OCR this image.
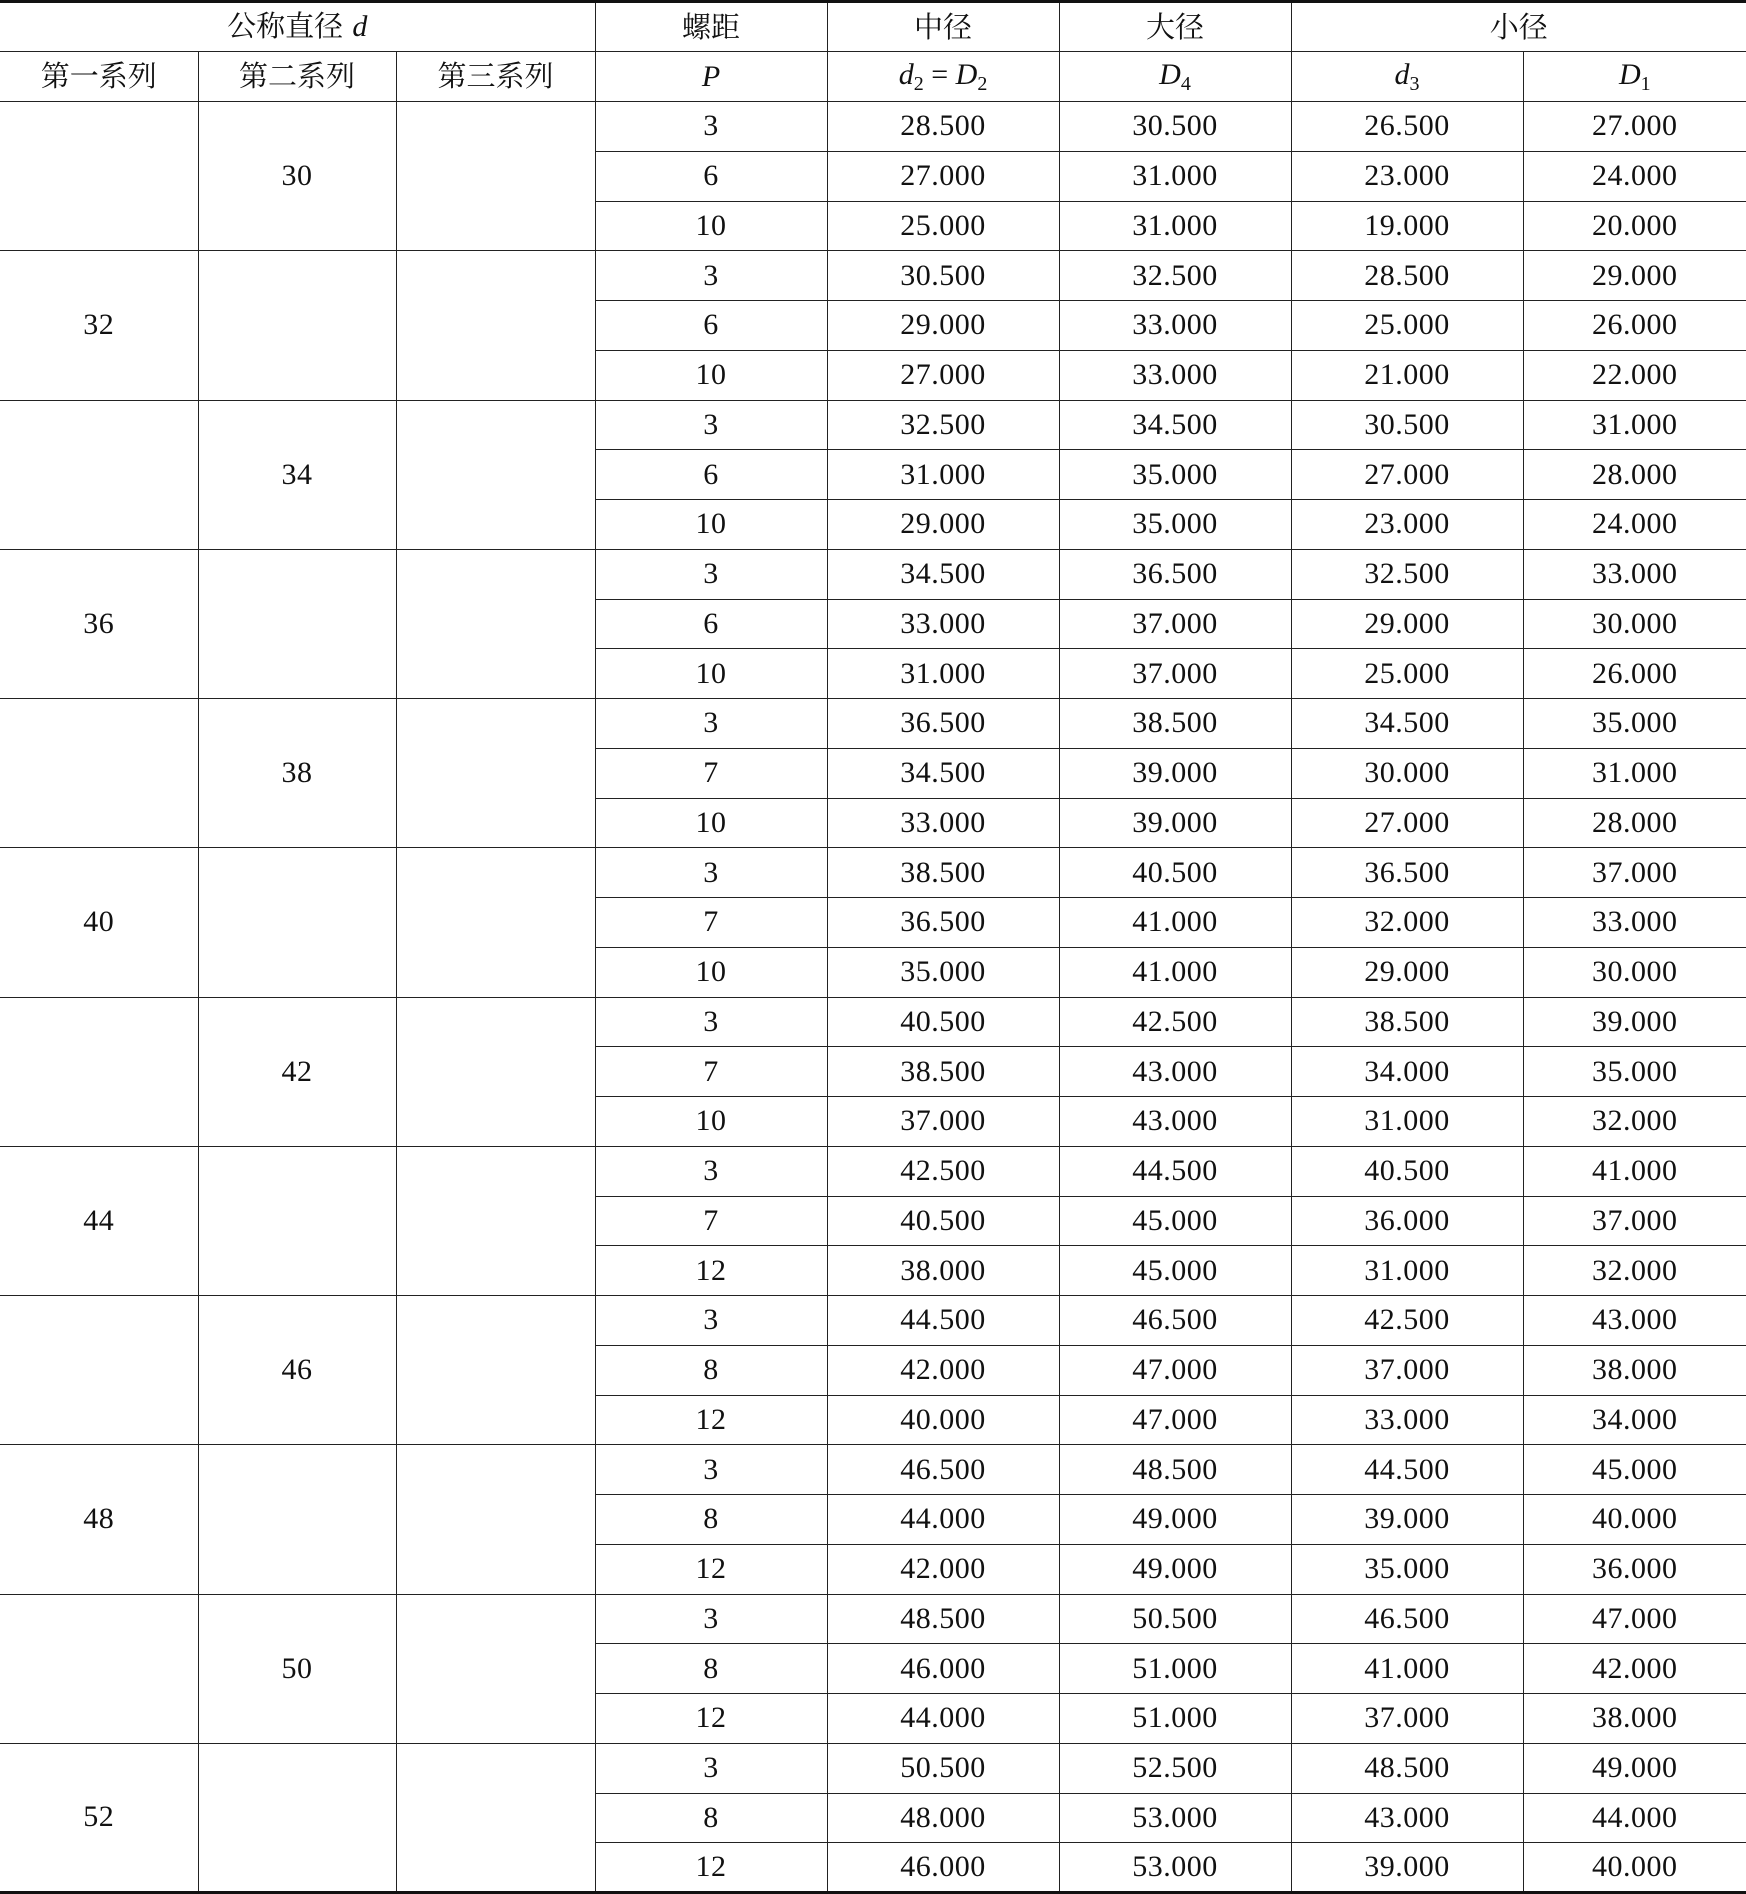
公称直径 d			螺距	中径	大径	小径	
第一系列	第二系列	第三系列	P	$d_2 = D_2$	$D_4$	$d_3$	$D_1$
	30		3	28.500	30.500	26.500	27.000
			6	27.000	31.000	23.000	24.000
			10	25.000	31.000	19.000	20.000
32			3	30.500	32.500	28.500	29.000
			6	29.000	33.000	25.000	26.000
			10	27.000	33.000	21.000	22.000
	34		3	32.500	34.500	30.500	31.000
			6	31.000	35.000	27.000	28.000
			10	29.000	35.000	23.000	24.000
36			3	34.500	36.500	32.500	33.000
			6	33.000	37.000	29.000	30.000
			10	31.000	37.000	25.000	26.000
	38		3	36.500	38.500	34.500	35.000
			7	34.500	39.000	30.000	31.000
			10	33.000	39.000	27.000	28.000
40			3	38.500	40.500	36.500	37.000
			7	36.500	41.000	32.000	33.000
			10	35.000	41.000	29.000	30.000
	42		3	40.500	42.500	38.500	39.000
			7	38.500	43.000	34.000	35.000
			10	37.000	43.000	31.000	32.000
44			3	42.500	44.500	40.500	41.000
			7	40.500	45.000	36.000	37.000
			12	38.000	45.000	31.000	32.000
	46		3	44.500	46.500	42.500	43.000
			8	42.000	47.000	37.000	38.000
			12	40.000	47.000	33.000	34.000
48			3	46.500	48.500	44.500	45.000
			8	44.000	49.000	39.000	40.000
			12	42.000	49.000	35.000	36.000
	50		3	48.500	50.500	46.500	47.000
			8	46.000	51.000	41.000	42.000
			12	44.000	51.000	37.000	38.000
52			3	50.500	52.500	48.500	49.000
			8	48.000	53.000	43.000	44.000
			12	46.000	53.000	39.000	40.000
